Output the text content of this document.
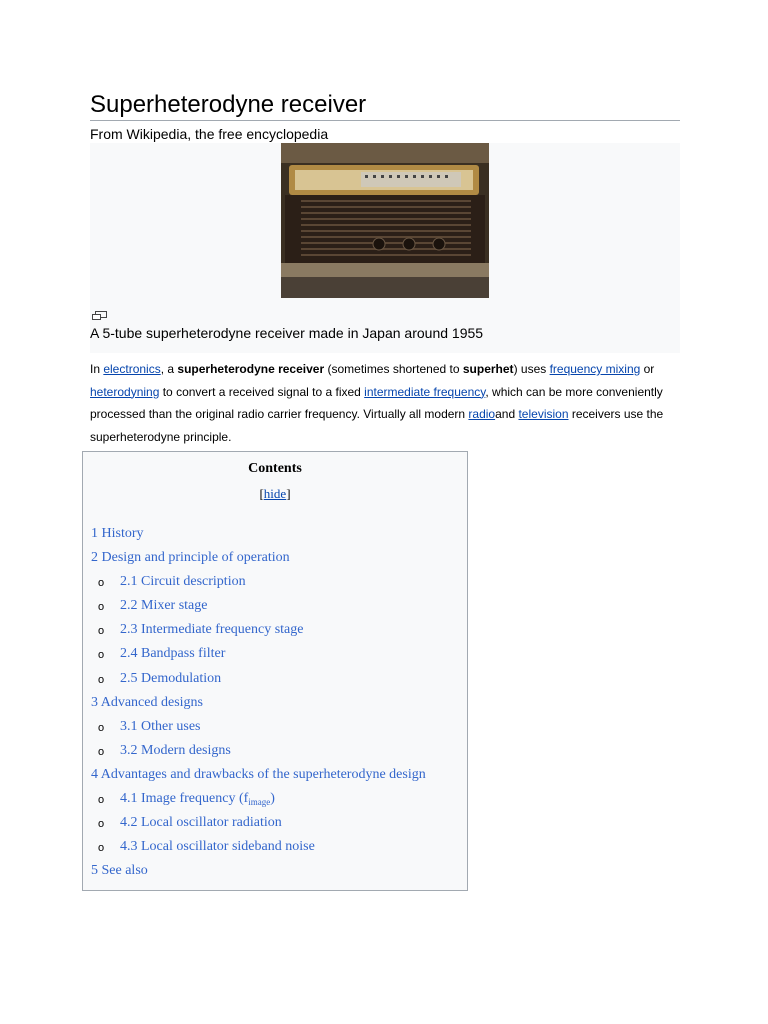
Superheterodyne receiver
From Wikipedia, the free encyclopedia
A 5-tube superheterodyne receiver made in Japan around 1955
In electronics, a superheterodyne receiver (sometimes shortened to superhet) uses frequency mixing or heterodyning to convert a received signal to a fixed intermediate frequency, which can be more conveniently processed than the original radio carrier frequency. Virtually all modern radioand television receivers use the superheterodyne principle.
Contents
[hide]
1 History
2 Design and principle of operation
o 2.1 Circuit description
o 2.2 Mixer stage
o 2.3 Intermediate frequency stage
o 2.4 Bandpass filter
o 2.5 Demodulation
3 Advanced designs
o 3.1 Other uses
o 3.2 Modern designs
4 Advantages and drawbacks of the superheterodyne design
o 4.1 Image frequency $(f_{image})$
o 4.2 Local oscillator radiation
o 4.3 Local oscillator sideband noise
5 See also
